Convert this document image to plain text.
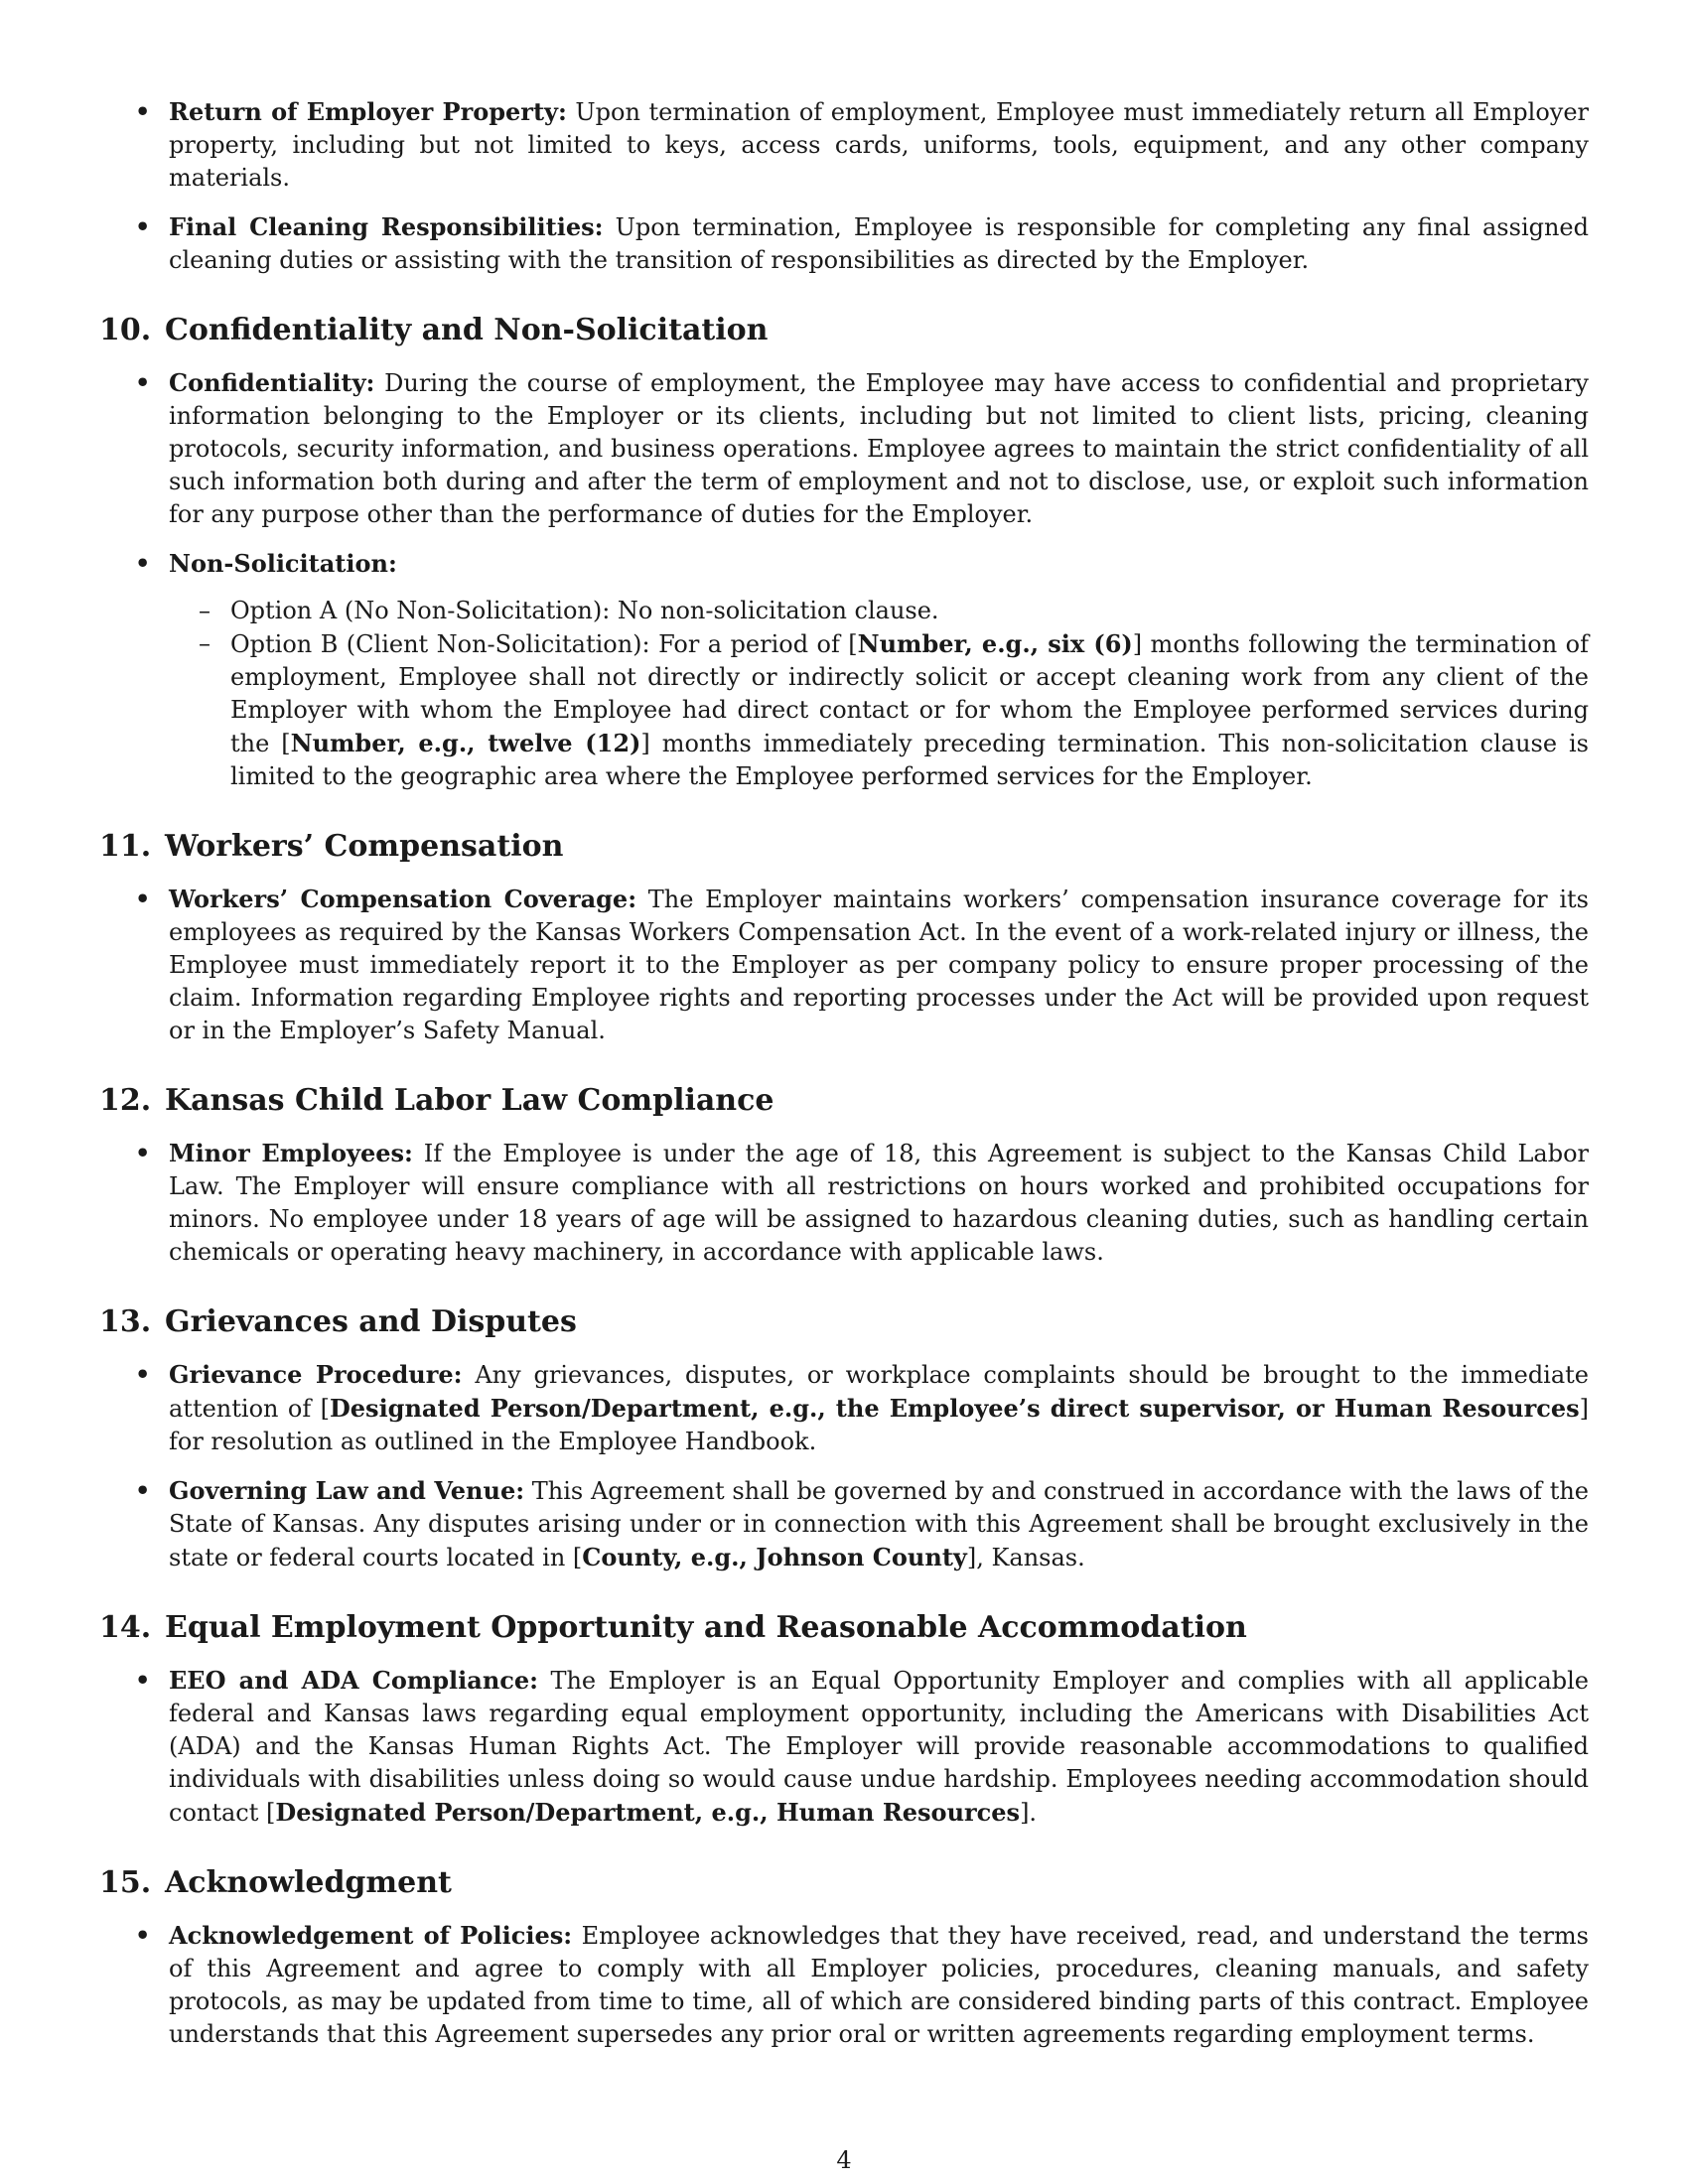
• Return of Employer Property: Upon termination of employment, Employee must immediately return all Employer property, including but not limited to keys, access cards, uniforms, tools, equipment, and any other company materials.
• Final Cleaning Responsibilities: Upon termination, Employee is responsible for completing any final assigned cleaning duties or assisting with the transition of responsibilities as directed by the Employer.
10. Confidentiality and Non-Solicitation
• Confidentiality: During the course of employment, the Employee may have access to confidential and proprietary information belonging to the Employer or its clients, including but not limited to client lists, pricing, cleaning protocols, security information, and business operations. Employee agrees to maintain the strict confidentiality of all such information both during and after the term of employment and not to disclose, use, or exploit such information for any purpose other than the performance of duties for the Employer.
• Non-Solicitation:
– Option A (No Non-Solicitation): No non-solicitation clause.
– Option B (Client Non-Solicitation): For a period of [Number, e.g., six (6)] months following the termination of employment, Employee shall not directly or indirectly solicit or accept cleaning work from any client of the Employer with whom the Employee had direct contact or for whom the Employee performed services during the [Number, e.g., twelve (12)] months immediately preceding termination. This non-solicitation clause is limited to the geographic area where the Employee performed services for the Employer.
11. Workers’ Compensation
• Workers’ Compensation Coverage: The Employer maintains workers’ compensation insurance coverage for its employees as required by the Kansas Workers Compensation Act. In the event of a work-related injury or illness, the Employee must immediately report it to the Employer as per company policy to ensure proper processing of the claim. Information regarding Employee rights and reporting processes under the Act will be provided upon request or in the Employer’s Safety Manual.
12. Kansas Child Labor Law Compliance
• Minor Employees: If the Employee is under the age of 18, this Agreement is subject to the Kansas Child Labor Law. The Employer will ensure compliance with all restrictions on hours worked and prohibited occupations for minors. No employee under 18 years of age will be assigned to hazardous cleaning duties, such as handling certain chemicals or operating heavy machinery, in accordance with applicable laws.
13. Grievances and Disputes
• Grievance Procedure: Any grievances, disputes, or workplace complaints should be brought to the immediate attention of [Designated Person/Department, e.g., the Employee’s direct supervisor, or Human Resources] for resolution as outlined in the Employee Handbook.
• Governing Law and Venue: This Agreement shall be governed by and construed in accordance with the laws of the State of Kansas. Any disputes arising under or in connection with this Agreement shall be brought exclusively in the state or federal courts located in [County, e.g., Johnson County], Kansas.
14. Equal Employment Opportunity and Reasonable Accommodation
• EEO and ADA Compliance: The Employer is an Equal Opportunity Employer and complies with all applicable federal and Kansas laws regarding equal employment opportunity, including the Americans with Disabilities Act (ADA) and the Kansas Human Rights Act. The Employer will provide reasonable accommodations to qualified individuals with disabilities unless doing so would cause undue hardship. Employees needing accommodation should contact [Designated Person/Department, e.g., Human Resources].
15. Acknowledgment
• Acknowledgement of Policies: Employee acknowledges that they have received, read, and understand the terms of this Agreement and agree to comply with all Employer policies, procedures, cleaning manuals, and safety protocols, as may be updated from time to time, all of which are considered binding parts of this contract. Employee understands that this Agreement supersedes any prior oral or written agreements regarding employment terms.
4
